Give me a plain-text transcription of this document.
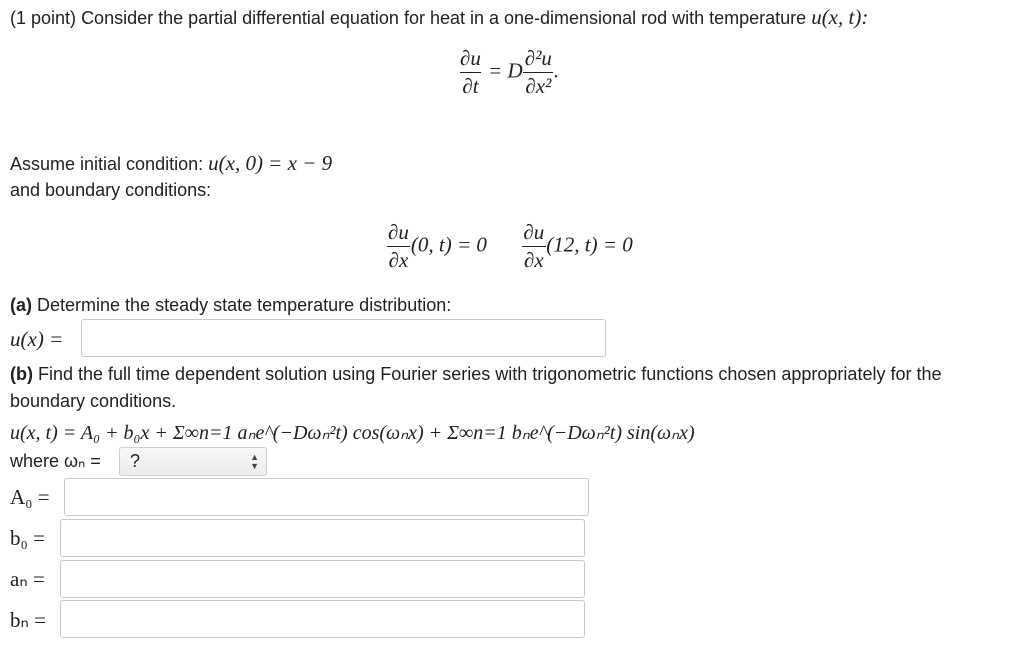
(1 point) Consider the partial differential equation for heat in a one-dimensional rod with temperature u(x, t):
$\frac{\partial u}{\partial t} = D \frac{\text{∂²u}}{\text{∂x²}}$ .
Assume initial condition: u(x, 0) = x − 9
and boundary conditions:
$\frac{\partial u}{\partial x} (0$, $t) = 0 \frac{\partial u}{\partial x} (12$, t) = 0
(a) Determine the steady state temperature distribution:
u(x) =
(b) Find the full time dependent solution using Fourier series with trigonometric functions chosen appropriately for the
boundary conditions.
u(x, t) = A₀ + b₀x + Σ∞n=1 aₙe^(−Dωₙ²t) cos(ωₙx) + Σ∞n=1 bₙe^(−Dωₙ²t) sin(ωₙx)
where ωₙ =	?	▲
▼
A₀ =
b₀ =
aₙ =
bₙ =
